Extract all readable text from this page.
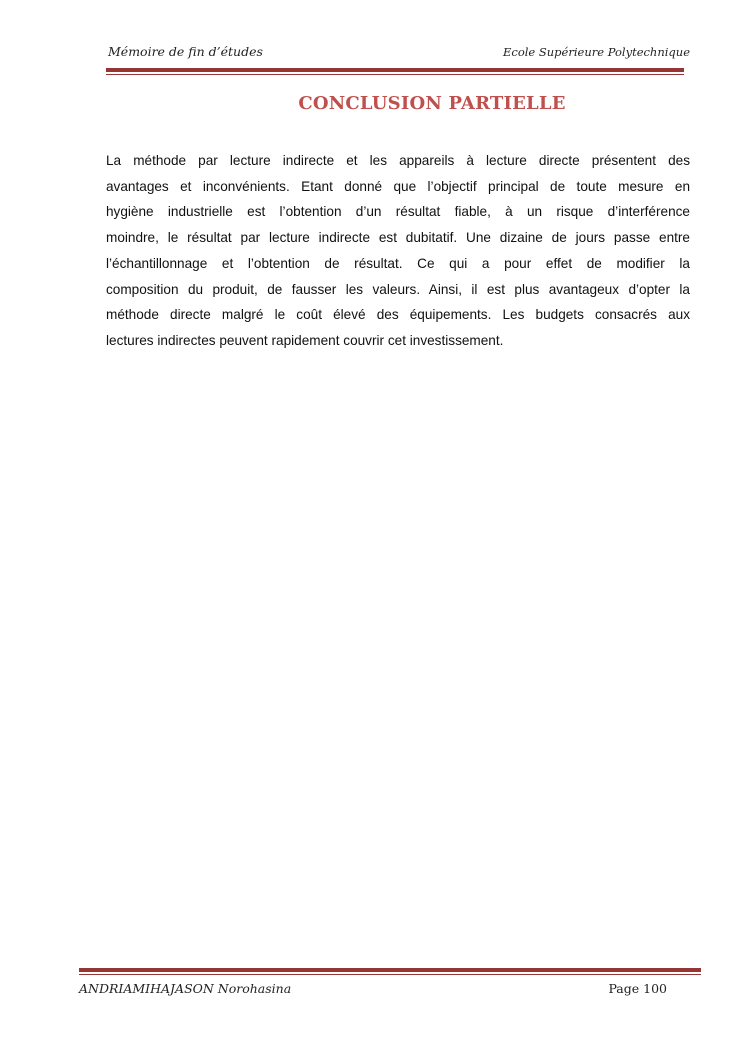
Mémoire de fin d’études	Ecole Supérieure Polytechnique
CONCLUSION PARTIELLE
La méthode par lecture indirecte et les appareils à lecture directe présentent des
avantages et inconvénients. Etant donné que l’objectif principal de toute mesure en
hygiène industrielle est l’obtention d’un résultat fiable, à un risque d’interférence
moindre, le résultat par lecture indirecte est dubitatif. Une dizaine de jours passe entre
l’échantillonnage et l’obtention de résultat. Ce qui a pour effet de modifier la
composition du produit, de fausser les valeurs. Ainsi, il est plus avantageux d’opter la
méthode directe malgré le coût élevé des équipements. Les budgets consacrés aux
lectures indirectes peuvent rapidement couvrir cet investissement.
ANDRIAMIHAJASON Norohasina	Page 100
